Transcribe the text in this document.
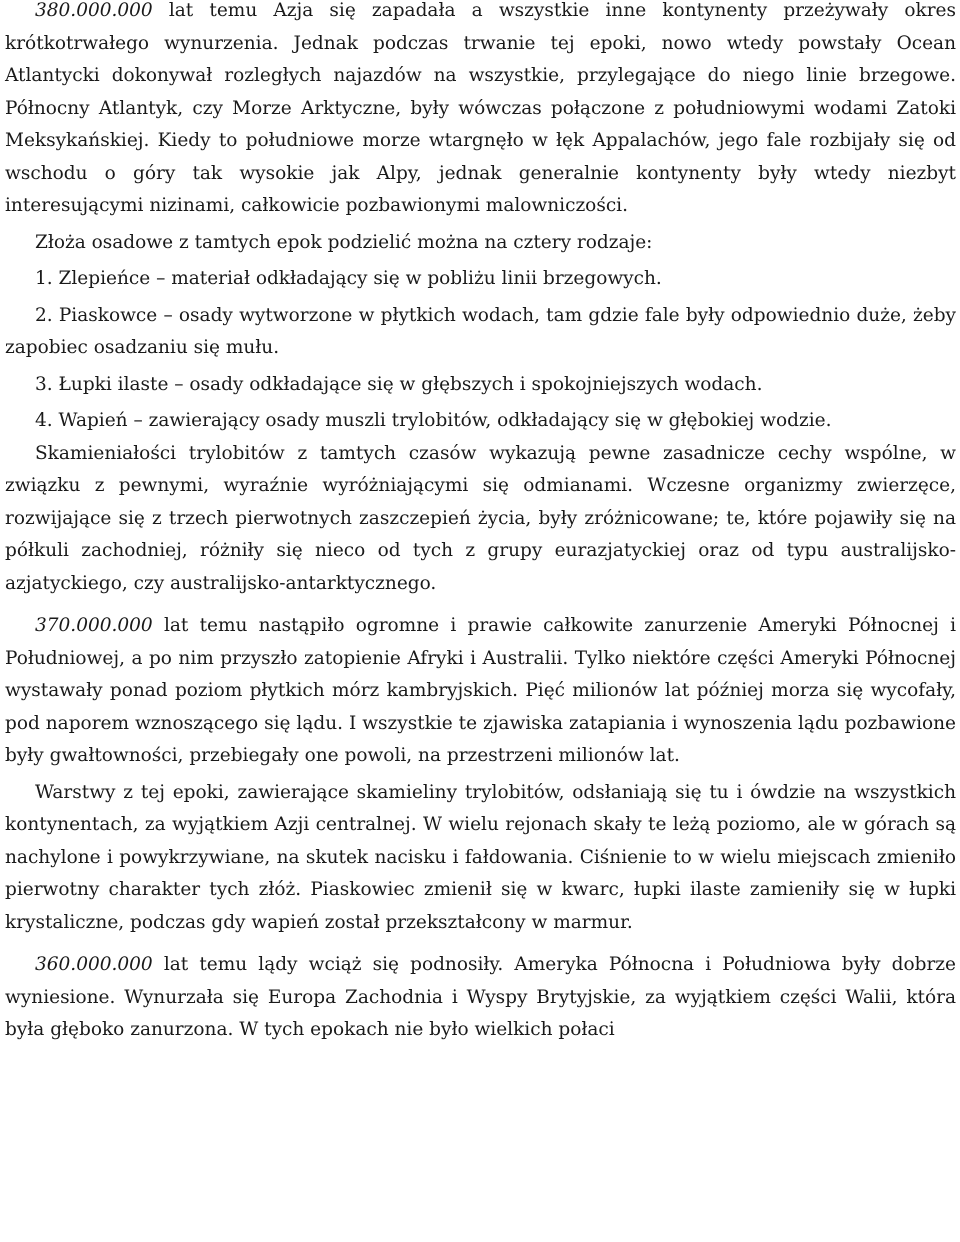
380.000.000 lat temu Azja się zapadała a wszystkie inne kontynenty przeżywały okres krótkotrwałego wynurzenia. Jednak podczas trwanie tej epoki, nowo wtedy powstały Ocean Atlantycki dokonywał rozległych najazdów na wszystkie, przylegające do niego linie brzegowe. Północny Atlantyk, czy Morze Arktyczne, były wówczas połączone z południowymi wodami Zatoki Meksykańskiej. Kiedy to południowe morze wtargnęło w łęk Appalachów, jego fale rozbijały się od wschodu o góry tak wysokie jak Alpy, jednak generalnie kontynenty były wtedy niezbyt interesującymi nizinami, całkowicie pozbawionymi malowniczości.

Złoża osadowe z tamtych epok podzielić można na cztery rodzaje:

1. Zlepieńce – materiał odkładający się w pobliżu linii brzegowych.

2. Piaskowce – osady wytworzone w płytkich wodach, tam gdzie fale były odpowiednio duże, żeby zapobiec osadzaniu się mułu.

3. Łupki ilaste – osady odkładające się w głębszych i spokojniejszych wodach.

4. Wapień – zawierający osady muszli trylobitów, odkładający się w głębokiej wodzie.

Skamieniałości trylobitów z tamtych czasów wykazują pewne zasadnicze cechy wspólne, w związku z pewnymi, wyraźnie wyróżniającymi się odmianami. Wczesne organizmy zwierzęce, rozwijające się z trzech pierwotnych zaszczepień życia, były zróżnicowane; te, które pojawiły się na półkuli zachodniej, różniły się nieco od tych z grupy eurazjatyckiej oraz od typu australijsko- azjatyckiego, czy australijsko-antarktycznego.

370.000.000 lat temu nastąpiło ogromne i prawie całkowite zanurzenie Ameryki Północnej i Południowej, a po nim przyszło zatopienie Afryki i Australii. Tylko niektóre części Ameryki Północnej wystawały ponad poziom płytkich mórz kambryjskich. Pięć milionów lat później morza się wycofały, pod naporem wznoszącego się lądu. I wszystkie te zjawiska zatapiania i wynoszenia lądu pozbawione były gwałtowności, przebiegały one powoli, na przestrzeni milionów lat.

Warstwy z tej epoki, zawierające skamieliny trylobitów, odsłaniają się tu i ówdzie na wszystkich kontynentach, za wyjątkiem Azji centralnej. W wielu rejonach skały te leżą poziomo, ale w górach są nachylone i powykrzywiane, na skutek nacisku i fałdowania. Ciśnienie to w wielu miejscach zmieniło pierwotny charakter tych złóż. Piaskowiec zmienił się w kwarc, łupki ilaste zamieniły się w łupki krystaliczne, podczas gdy wapień został przekształcony w marmur.

360.000.000 lat temu lądy wciąż się podnosiły. Ameryka Północna i Południowa były dobrze wyniesione. Wynurzała się Europa Zachodnia i Wyspy Brytyjskie, za wyjątkiem części Walii, która była głęboko zanurzona. W tych epokach nie było wielkich połaci
